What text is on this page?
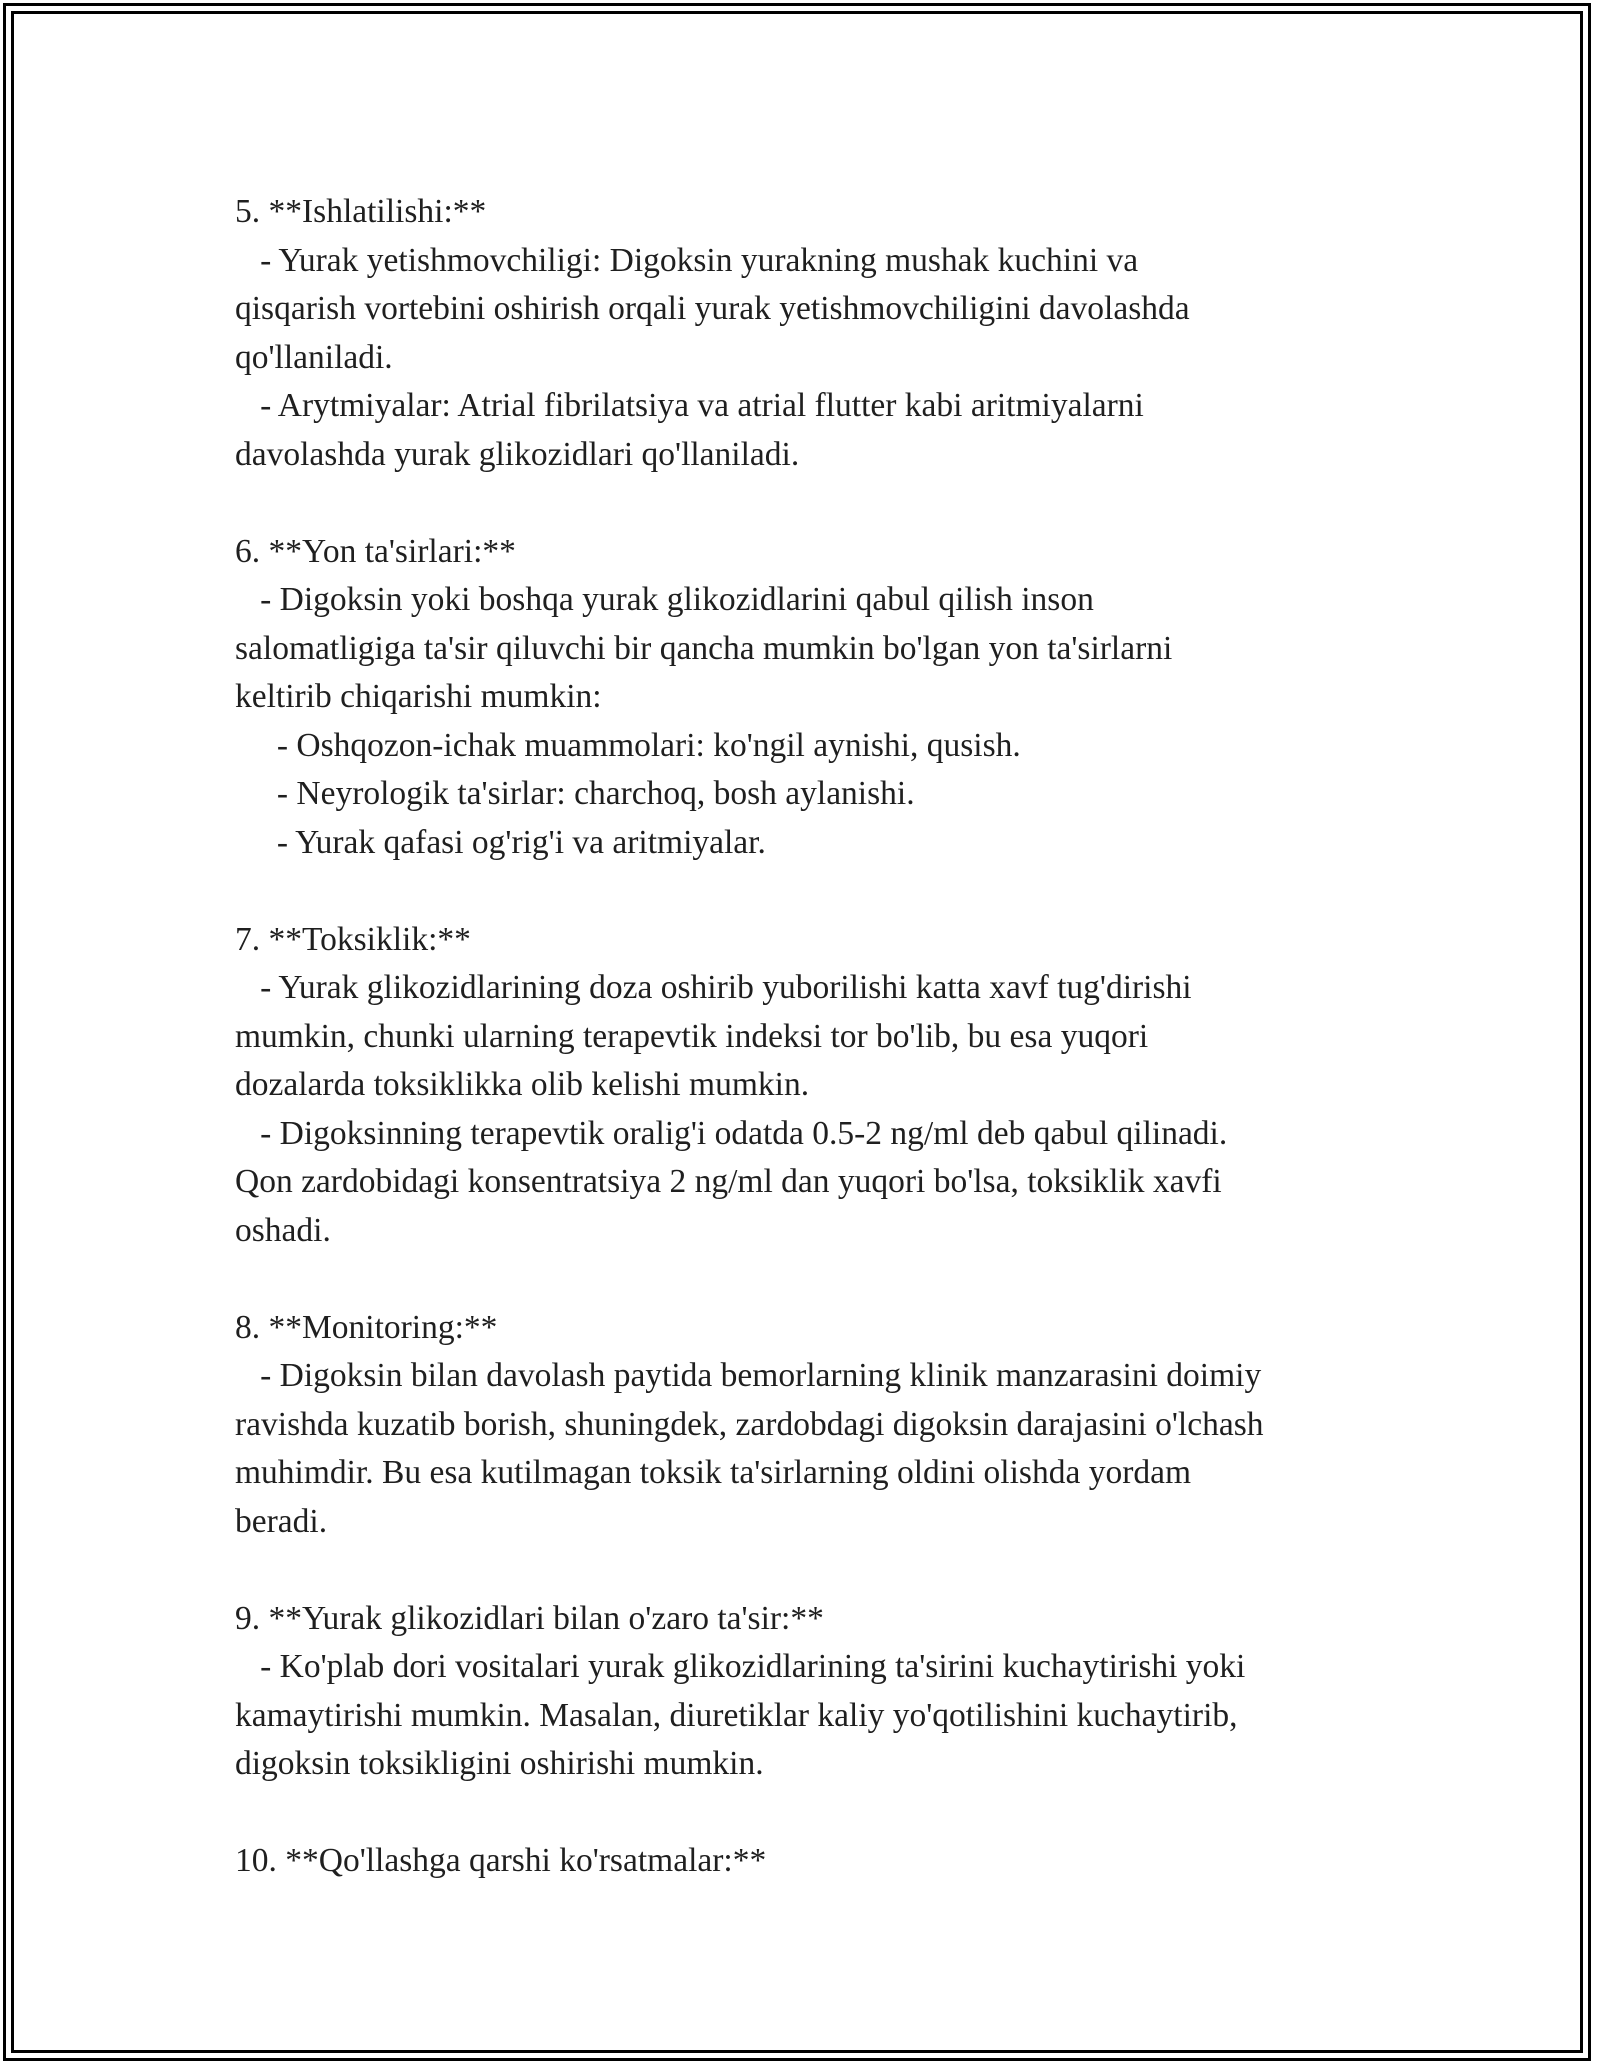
5. **Ishlatilishi:**
- Yurak yetishmovchiligi: Digoksin yurakning mushak kuchini va
qisqarish vortebini oshirish orqali yurak yetishmovchiligini davolashda
qo'llaniladi.
- Arytmiyalar: Atrial fibrilatsiya va atrial flutter kabi aritmiyalarni
davolashda yurak glikozidlari qo'llaniladi.
6. **Yon ta'sirlari:**
- Digoksin yoki boshqa yurak glikozidlarini qabul qilish inson
salomatligiga ta'sir qiluvchi bir qancha mumkin bo'lgan yon ta'sirlarni
keltirib chiqarishi mumkin:
- Oshqozon-ichak muammolari: ko'ngil aynishi, qusish.
- Neyrologik ta'sirlar: charchoq, bosh aylanishi.
- Yurak qafasi og'rig'i va aritmiyalar.
7. **Toksiklik:**
- Yurak glikozidlarining doza oshirib yuborilishi katta xavf tug'dirishi
mumkin, chunki ularning terapevtik indeksi tor bo'lib, bu esa yuqori
dozalarda toksiklikka olib kelishi mumkin.
- Digoksinning terapevtik oralig'i odatda 0.5-2 ng/ml deb qabul qilinadi.
Qon zardobidagi konsentratsiya 2 ng/ml dan yuqori bo'lsa, toksiklik xavfi
oshadi.
8. **Monitoring:**
- Digoksin bilan davolash paytida bemorlarning klinik manzarasini doimiy
ravishda kuzatib borish, shuningdek, zardobdagi digoksin darajasini o'lchash
muhimdir. Bu esa kutilmagan toksik ta'sirlarning oldini olishda yordam
beradi.
9. **Yurak glikozidlari bilan o'zaro ta'sir:**
- Ko'plab dori vositalari yurak glikozidlarining ta'sirini kuchaytirishi yoki
kamaytirishi mumkin. Masalan, diuretiklar kaliy yo'qotilishini kuchaytirib,
digoksin toksikligini oshirishi mumkin.
10. **Qo'llashga qarshi ko'rsatmalar:**
